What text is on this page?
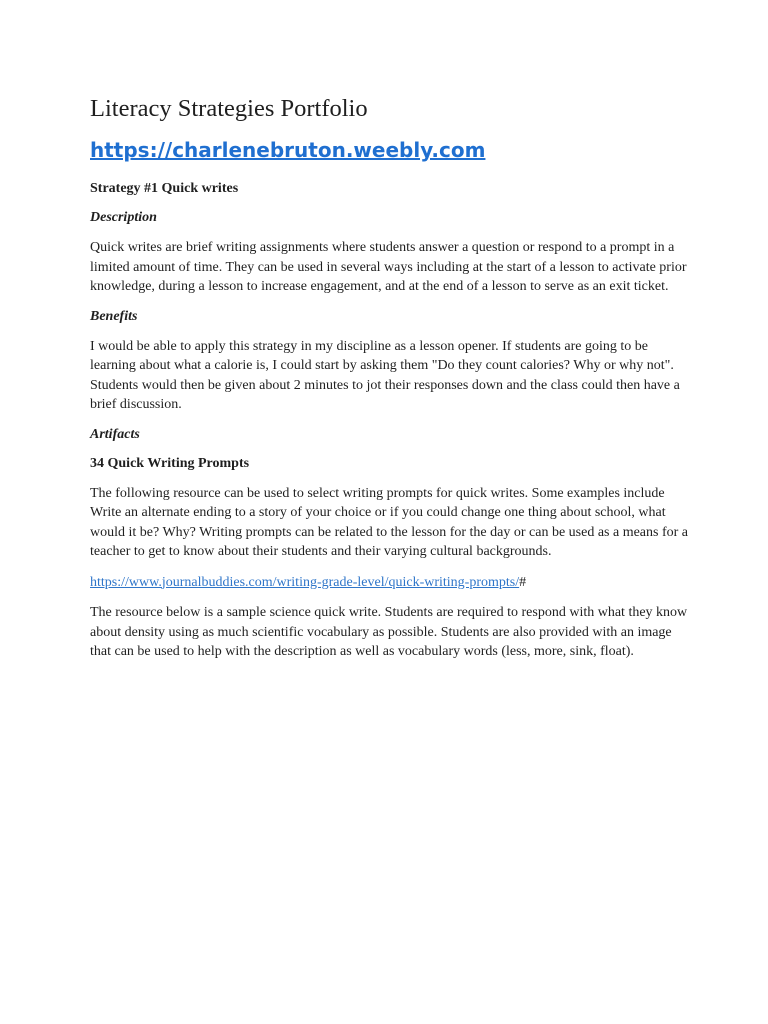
Literacy Strategies Portfolio
https://charlenebruton.weebly.com
Strategy #1 Quick writes
Description

Quick writes are brief writing assignments where students answer a question or respond to a prompt in a limited amount of time. They can be used in several ways including at the start of a lesson to activate prior knowledge, during a lesson to increase engagement, and at the end of a lesson to serve as an exit ticket.

Benefits

I would be able to apply this strategy in my discipline as a lesson opener. If students are going to be learning about what a calorie is, I could start by asking them "Do they count calories? Why or why not". Students would then be given about 2 minutes to jot their responses down and the class could then have a brief discussion.

Artifacts
34 Quick Writing Prompts

The following resource can be used to select writing prompts for quick writes. Some examples include Write an alternate ending to a story of your choice or if you could change one thing about school, what would it be? Why? Writing prompts can be related to the lesson for the day or can be used as a means for a teacher to get to know about their students and their varying cultural backgrounds.

https://www.journalbuddies.com/writing-grade-level/quick-writing-prompts/#

The resource below is a sample science quick write. Students are required to respond with what they know about density using as much scientific vocabulary as possible. Students are also provided with an image that can be used to help with the description as well as vocabulary words (less, more, sink, float).
